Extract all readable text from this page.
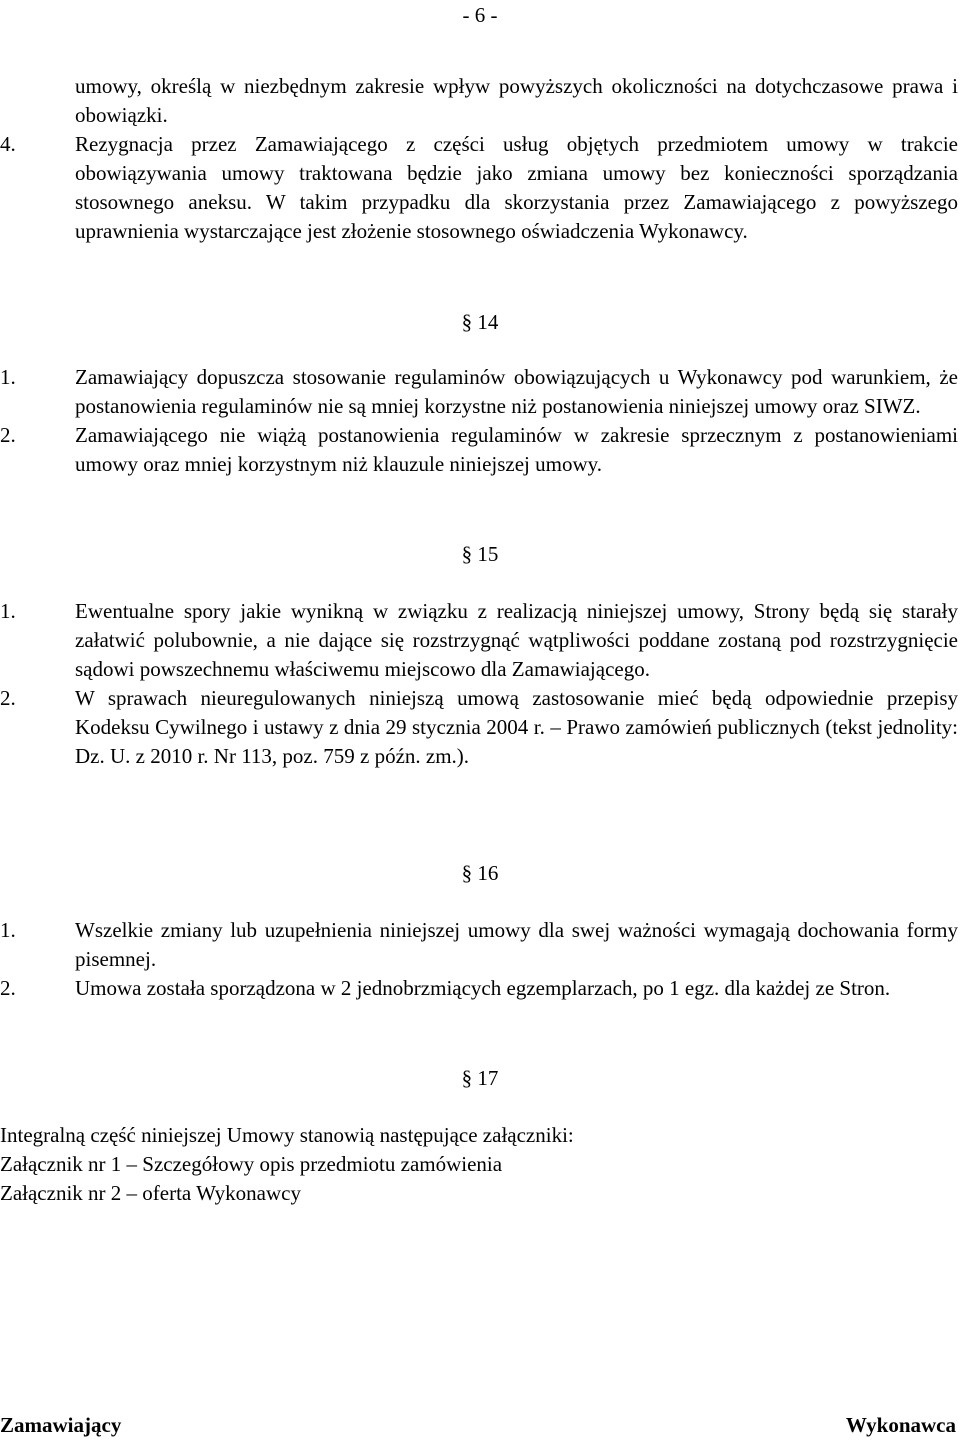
- 6 -
umowy, określą w niezbędnym zakresie wpływ powyższych okoliczności na dotychczasowe prawa i obowiązki.
4.	Rezygnacja przez Zamawiającego z części usług objętych przedmiotem umowy w trakcie obowiązywania umowy traktowana będzie jako zmiana umowy bez konieczności sporządzania stosownego aneksu. W takim przypadku dla skorzystania przez Zamawiającego z powyższego uprawnienia wystarczające jest złożenie stosownego oświadczenia Wykonawcy.
§ 14
1.	Zamawiający dopuszcza stosowanie regulaminów obowiązujących u Wykonawcy pod warunkiem, że postanowienia regulaminów nie są mniej korzystne niż postanowienia niniejszej umowy oraz SIWZ.
2.	Zamawiającego nie wiążą postanowienia regulaminów w zakresie sprzecznym z postanowieniami umowy oraz mniej korzystnym niż klauzule niniejszej umowy.
§ 15
1.	Ewentualne spory jakie wynikną w związku z realizacją niniejszej umowy, Strony będą się starały załatwić polubownie, a nie dające się rozstrzygnąć wątpliwości poddane zostaną pod rozstrzygnięcie sądowi powszechnemu właściwemu miejscowo dla Zamawiającego.
2.	W sprawach nieuregulowanych niniejszą umową zastosowanie mieć będą odpowiednie przepisy Kodeksu Cywilnego i ustawy z dnia 29 stycznia 2004 r. – Prawo zamówień publicznych (tekst jednolity: Dz. U. z 2010 r. Nr 113, poz. 759 z późn. zm.).
§ 16
1.	Wszelkie zmiany lub uzupełnienia niniejszej umowy dla swej ważności wymagają dochowania formy pisemnej.
2.	Umowa została sporządzona w 2 jednobrzmiących egzemplarzach, po 1 egz. dla każdej ze Stron.
§ 17
Integralną część niniejszej Umowy stanowią następujące załączniki:
Załącznik nr 1 – Szczegółowy opis przedmiotu zamówienia
Załącznik nr 2 – oferta Wykonawcy
Zamawiający	Wykonawca
